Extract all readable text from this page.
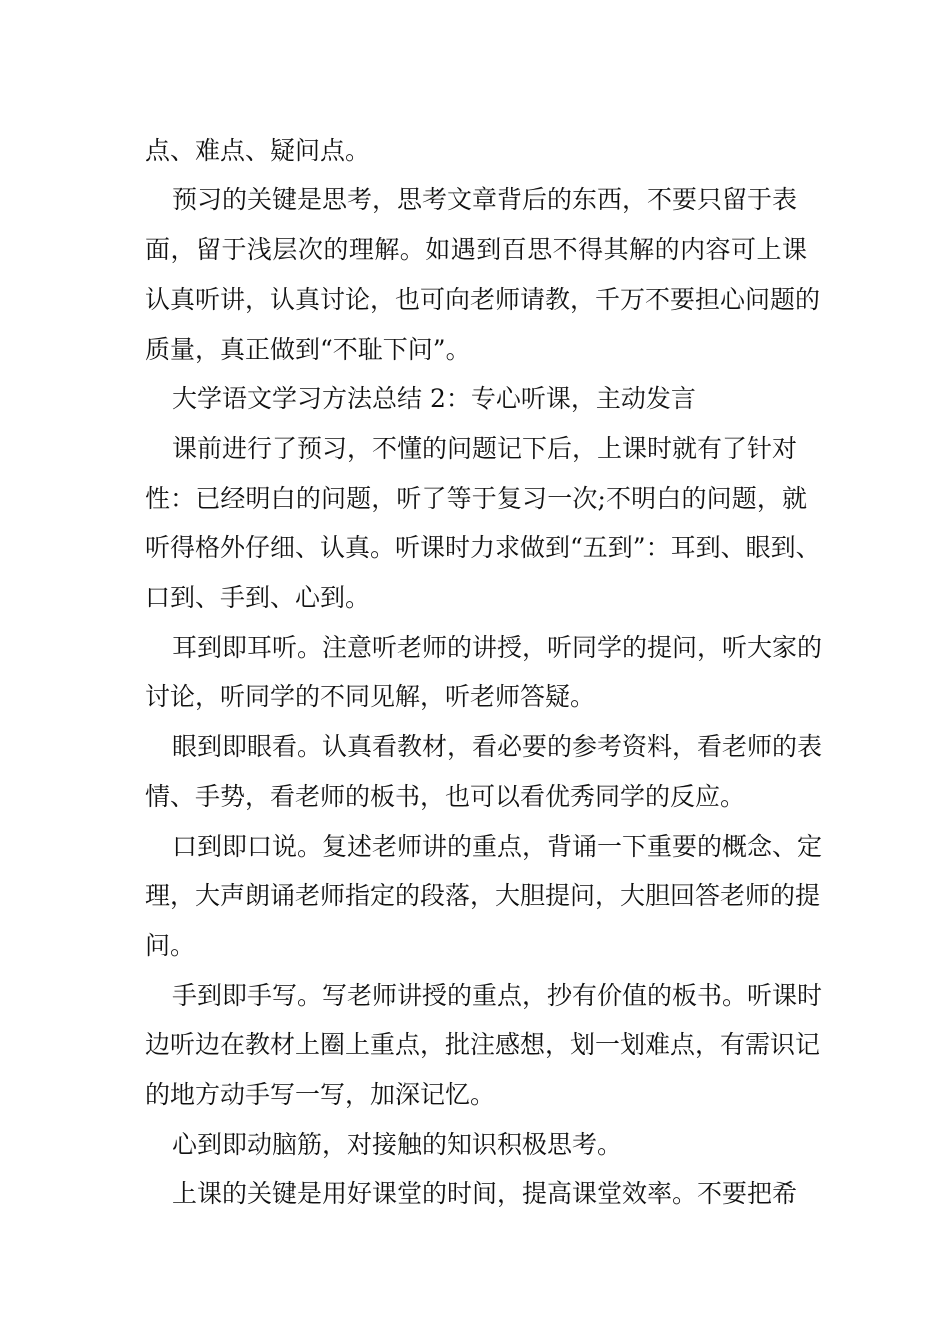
点、难点、疑问点。

预习的关键是思考，思考文章背后的东西，不要只留于表

面，留于浅层次的理解。如遇到百思不得其解的内容可上课

认真听讲，认真讨论，也可向老师请教，千万不要担心问题的

质量，真正做到“不耻下问”。

大学语文学习方法总结 2：专心听课，主动发言

课前进行了预习，不懂的问题记下后，上课时就有了针对

性：已经明白的问题，听了等于复习一次;不明白的问题，就

听得格外仔细、认真。听课时力求做到“五到”：耳到、眼到、

口到、手到、心到。

耳到即耳听。注意听老师的讲授，听同学的提问，听大家的

讨论，听同学的不同见解，听老师答疑。

眼到即眼看。认真看教材，看必要的参考资料，看老师的表

情、手势，看老师的板书，也可以看优秀同学的反应。

口到即口说。复述老师讲的重点，背诵一下重要的概念、定

理，大声朗诵老师指定的段落，大胆提问，大胆回答老师的提

问。

手到即手写。写老师讲授的重点，抄有价值的板书。听课时

边听边在教材上圈上重点，批注感想，划一划难点，有需识记

的地方动手写一写，加深记忆。

心到即动脑筋，对接触的知识积极思考。

上课的关键是用好课堂的时间，提高课堂效率。不要把希
